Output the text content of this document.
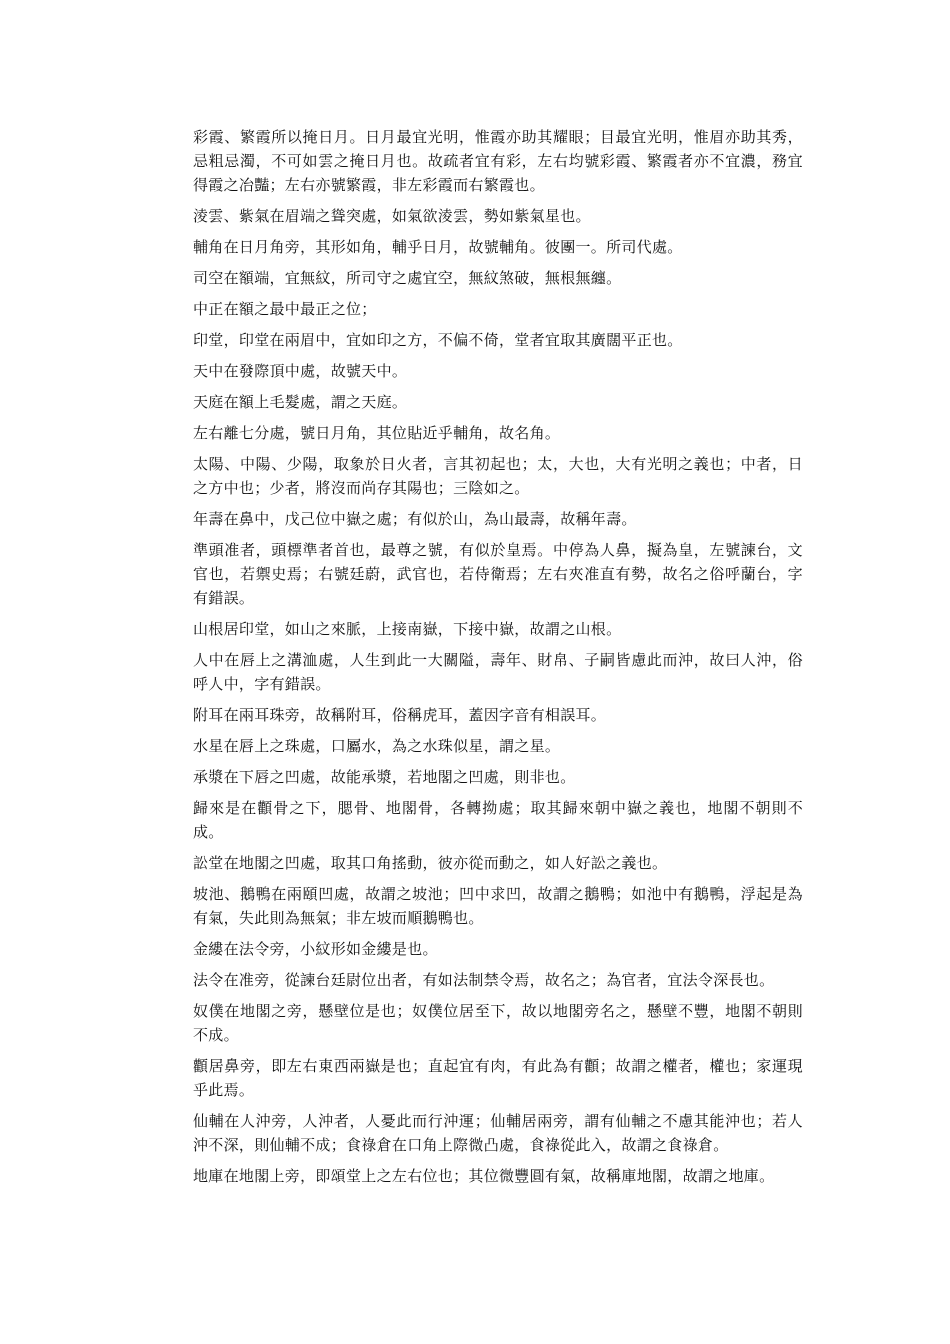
彩霞、繁霞所以掩日月。日月最宜光明，惟霞亦助其耀眼；目最宜光明，惟眉亦助其秀，忌粗忌濁，不可如雲之掩日月也。故疏者宜有彩，左右均號彩霞、繁霞者亦不宜濃，務宜得霞之冶豔；左右亦號繁霞，非左彩霞而右繁霞也。

淩雲、紫氣在眉端之聳突處，如氣欲淩雲，勢如紫氣星也。

輔角在日月角旁，其形如角，輔乎日月，故號輔角。彼團一。所司代處。

司空在額端，宜無紋，所司守之處宜空，無紋煞破，無根無纏。

中正在額之最中最正之位；

印堂，印堂在兩眉中，宜如印之方，不偏不倚，堂者宜取其廣闊平正也。

天中在發際頂中處，故號天中。

天庭在額上毛髮處，謂之天庭。

左右離七分處，號日月角，其位貼近乎輔角，故名角。

太陽、中陽、少陽，取象於日火者，言其初起也；太，大也，大有光明之義也；中者，日之方中也；少者，將沒而尚存其陽也；三陰如之。

年壽在鼻中，戊己位中嶽之處；有似於山，為山最壽，故稱年壽。

準頭准者，頭標準者首也，最尊之號，有似於皇焉。中停為人鼻，擬為皇，左號諫台，文官也，若禦史焉；右號廷蔚，武官也，若侍衛焉；左右夾准直有勢，故名之俗呼蘭台，字有錯誤。

山根居印堂，如山之來脈，上接南嶽，下接中嶽，故謂之山根。

人中在唇上之溝洫處，人生到此一大關隘，壽年、財帛、子嗣皆慮此而沖，故曰人沖，俗呼人中，字有錯誤。

附耳在兩耳珠旁，故稱附耳，俗稱虎耳，蓋因字音有相誤耳。

水星在唇上之珠處，口屬水，為之水珠似星，謂之星。

承漿在下唇之凹處，故能承漿，若地閣之凹處，則非也。

歸來是在顴骨之下，腮骨、地閣骨，各轉拗處；取其歸來朝中嶽之義也，地閣不朝則不成。

訟堂在地閣之凹處，取其口角搖動，彼亦從而動之，如人好訟之義也。

坡池、鵝鴨在兩頤凹處，故謂之坡池；凹中求凹，故謂之鵝鴨；如池中有鵝鴨，浮起是為有氣，失此則為無氣；非左坡而順鵝鴨也。

金縷在法令旁，小紋形如金縷是也。

法令在准旁，從諫台廷尉位出者，有如法制禁令焉，故名之；為官者，宜法令深長也。

奴僕在地閣之旁，懸壁位是也；奴僕位居至下，故以地閣旁名之，懸壁不豐，地閣不朝則不成。

顴居鼻旁，即左右東西兩嶽是也；直起宜有肉，有此為有顴；故謂之權者，權也；家運現乎此焉。

仙輔在人沖旁，人沖者，人憂此而行沖運；仙輔居兩旁，謂有仙輔之不慮其能沖也；若人沖不深，則仙輔不成；食祿倉在口角上際微凸處，食祿從此入，故謂之食祿倉。

地庫在地閣上旁，即頌堂上之左右位也；其位微豐圓有氣，故稱庫地閣，故謂之地庫。
